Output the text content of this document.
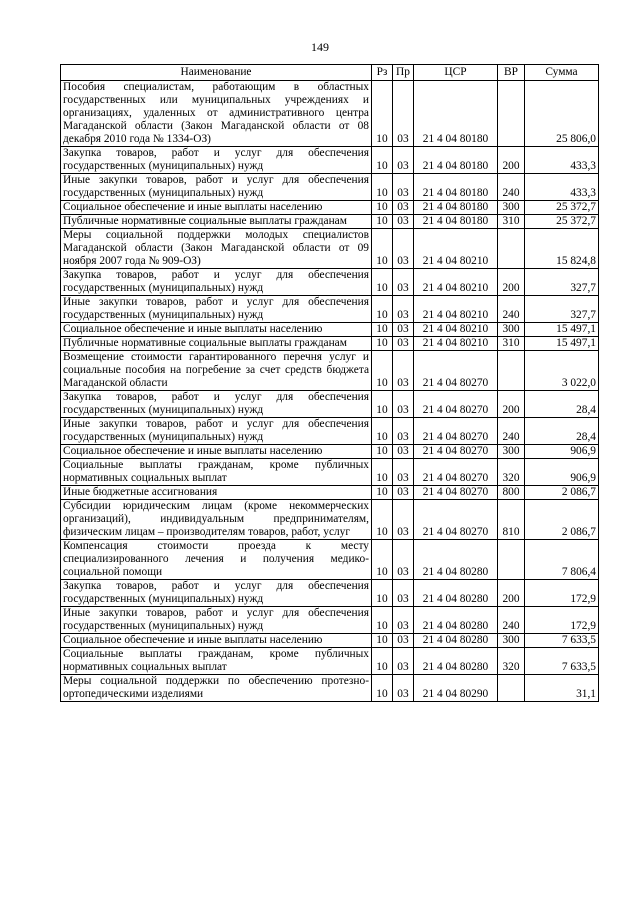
149
Наименование	Рз	Пр	ЦСР	ВР	Сумма
Пособия специалистам, работающим в областных государственных или муниципальных учреждениях и организациях, удаленных от административного центра Магаданской области (Закон Магаданской области от 08 декабря 2010 года № 1334-ОЗ)	10	03	21 4 04 80180		25 806,0
Закупка товаров, работ и услуг для обеспечения государственных (муниципальных) нужд	10	03	21 4 04 80180	200	433,3
Иные закупки товаров, работ и услуг для обеспечения государственных (муниципальных) нужд	10	03	21 4 04 80180	240	433,3
Социальное обеспечение и иные выплаты населению	10	03	21 4 04 80180	300	25 372,7
Публичные нормативные социальные выплаты гражданам	10	03	21 4 04 80180	310	25 372,7
Меры социальной поддержки молодых специалистов Магаданской области (Закон Магаданской области от 09 ноября 2007 года № 909-ОЗ)	10	03	21 4 04 80210		15 824,8
Закупка товаров, работ и услуг для обеспечения государственных (муниципальных) нужд	10	03	21 4 04 80210	200	327,7
Иные закупки товаров, работ и услуг для обеспечения государственных (муниципальных) нужд	10	03	21 4 04 80210	240	327,7
Социальное обеспечение и иные выплаты населению	10	03	21 4 04 80210	300	15 497,1
Публичные нормативные социальные выплаты гражданам	10	03	21 4 04 80210	310	15 497,1
Возмещение стоимости гарантированного перечня услуг и социальные пособия на погребение за счет средств бюджета Магаданской области	10	03	21 4 04 80270		3 022,0
Закупка товаров, работ и услуг для обеспечения государственных (муниципальных) нужд	10	03	21 4 04 80270	200	28,4
Иные закупки товаров, работ и услуг для обеспечения государственных (муниципальных) нужд	10	03	21 4 04 80270	240	28,4
Социальное обеспечение и иные выплаты населению	10	03	21 4 04 80270	300	906,9
Социальные выплаты гражданам, кроме публичных нормативных социальных выплат	10	03	21 4 04 80270	320	906,9
Иные бюджетные ассигнования	10	03	21 4 04 80270	800	2 086,7
Субсидии юридическим лицам (кроме некоммерческих организаций), индивидуальным предпринимателям, физическим лицам – производителям товаров, работ, услуг	10	03	21 4 04 80270	810	2 086,7
Компенсация стоимости проезда к месту специализированного лечения и получения медико-социальной помощи	10	03	21 4 04 80280		7 806,4
Закупка товаров, работ и услуг для обеспечения государственных (муниципальных) нужд	10	03	21 4 04 80280	200	172,9
Иные закупки товаров, работ и услуг для обеспечения государственных (муниципальных) нужд	10	03	21 4 04 80280	240	172,9
Социальное обеспечение и иные выплаты населению	10	03	21 4 04 80280	300	7 633,5
Социальные выплаты гражданам, кроме публичных нормативных социальных выплат	10	03	21 4 04 80280	320	7 633,5
Меры социальной поддержки по обеспечению протезно-ортопедическими изделиями	10	03	21 4 04 80290		31,1
